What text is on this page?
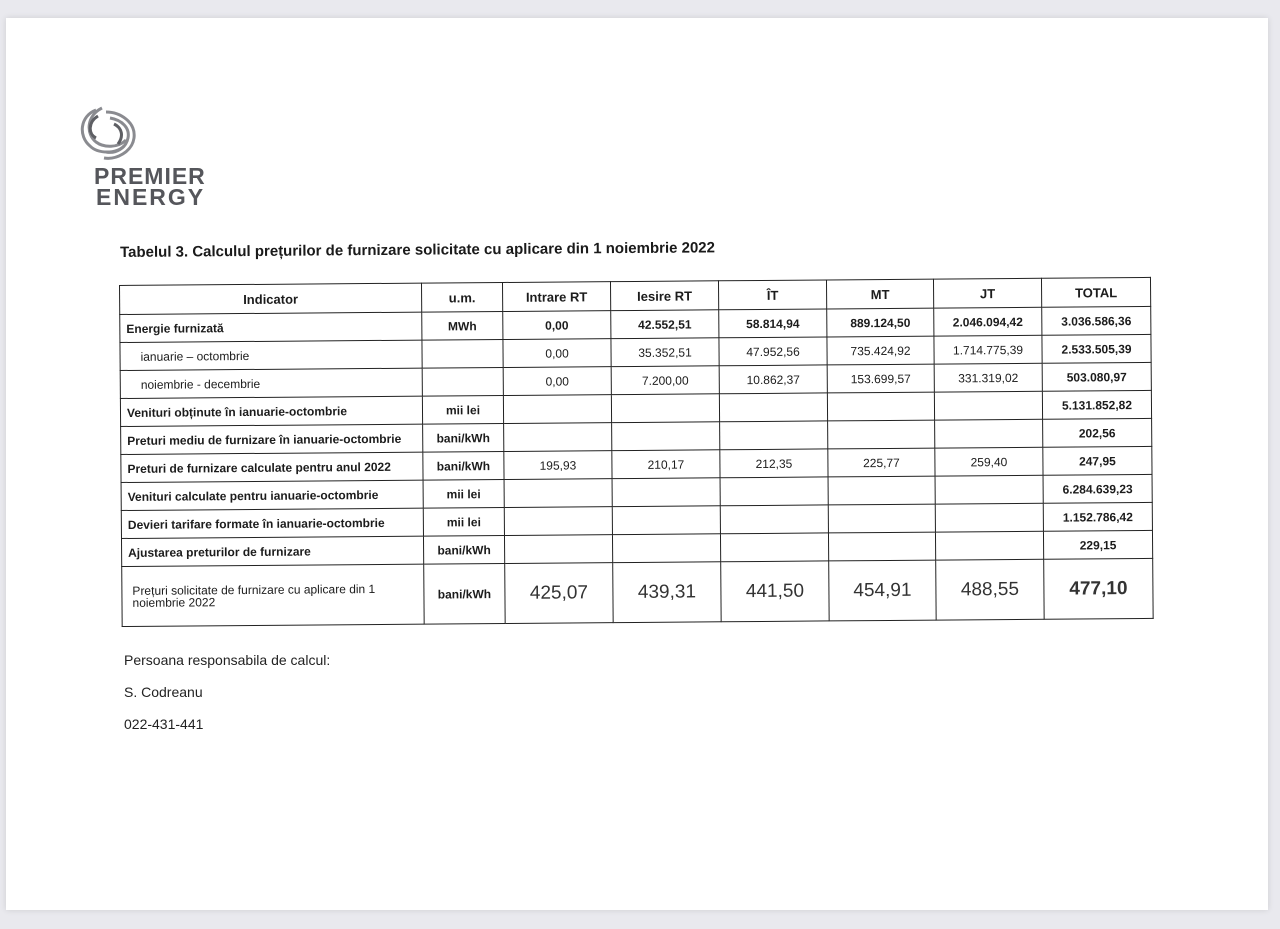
PREMIER
ENERGY
Tabelul 3. Calculul prețurilor de furnizare solicitate cu aplicare din 1 noiembrie 2022
Indicator	u.m.	Intrare RT	Iesire RT	ÎT	MT	JT	TOTAL
Energie furnizată	MWh	0,00	42.552,51	58.814,94	889.124,50	2.046.094,42	3.036.586,36
ianuarie – octombrie		0,00	35.352,51	47.952,56	735.424,92	1.714.775,39	2.533.505,39
noiembrie - decembrie		0,00	7.200,00	10.862,37	153.699,57	331.319,02	503.080,97
Venituri obținute în ianuarie-octombrie	mii lei						5.131.852,82
Preturi mediu de furnizare în ianuarie-octombrie	bani/kWh						202,56
Preturi de furnizare calculate pentru anul 2022	bani/kWh	195,93	210,17	212,35	225,77	259,40	247,95
Venituri calculate pentru ianuarie-octombrie	mii lei						6.284.639,23
Devieri tarifare formate în ianuarie-octombrie	mii lei						1.152.786,42
Ajustarea preturilor de furnizare	bani/kWh						229,15
Prețuri solicitate de furnizare cu aplicare din 1 noiembrie 2022	bani/kWh	425,07	439,31	441,50	454,91	488,55	477,10
Persoana responsabila de calcul:
S. Codreanu
022-431-441
